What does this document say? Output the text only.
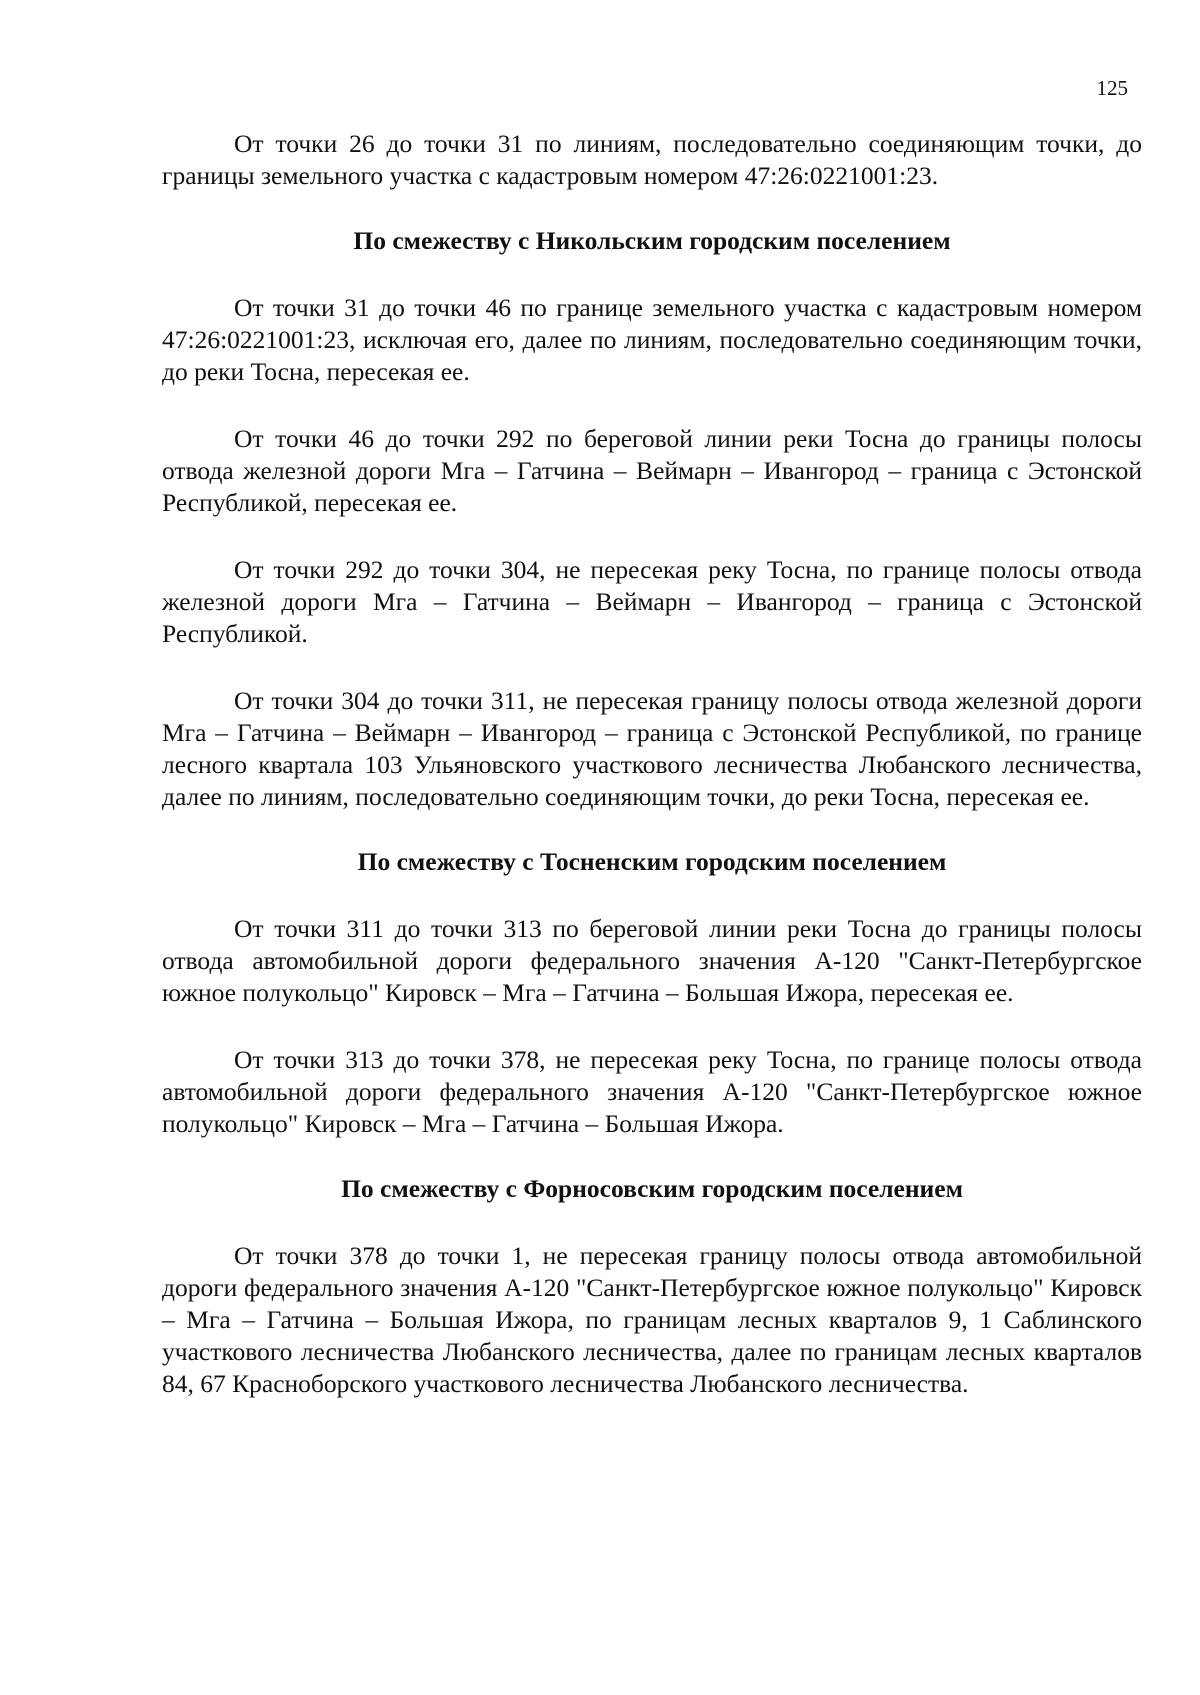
125

От точки 26 до точки 31 по линиям, последовательно соединяющим точки, до границы земельного участка с кадастровым номером 47:26:0221001:23.

По смежеству с Никольским городским поселением

От точки 31 до точки 46 по границе земельного участка с кадастровым номером 47:26:0221001:23, исключая его, далее по линиям, последовательно соединяющим точки, до реки Тосна, пересекая ее.

От точки 46 до точки 292 по береговой линии реки Тосна до границы полосы отвода железной дороги Мга – Гатчина – Веймарн – Ивангород – граница с Эстонской Республикой, пересекая ее.

От точки 292 до точки 304, не пересекая реку Тосна, по границе полосы отвода железной дороги Мга – Гатчина – Веймарн – Ивангород – граница с Эстонской Республикой.

От точки 304 до точки 311, не пересекая границу полосы отвода железной дороги Мга – Гатчина – Веймарн – Ивангород – граница с Эстонской Республикой, по границе лесного квартала 103 Ульяновского участкового лесничества Любанского лесничества, далее по линиям, последовательно соединяющим точки, до реки Тосна, пересекая ее.

По смежеству с Тосненским городским поселением

От точки 311 до точки 313 по береговой линии реки Тосна до границы полосы отвода автомобильной дороги федерального значения А-120 "Санкт-Петербургское южное полукольцо" Кировск – Мга – Гатчина – Большая Ижора, пересекая ее.

От точки 313 до точки 378, не пересекая реку Тосна, по границе полосы отвода автомобильной дороги федерального значения А-120 "Санкт-Петербургское южное полукольцо" Кировск – Мга – Гатчина – Большая Ижора.

По смежеству с Форносовским городским поселением

От точки 378 до точки 1, не пересекая границу полосы отвода автомобильной дороги федерального значения А-120 "Санкт-Петербургское южное полукольцо" Кировск – Мга – Гатчина – Большая Ижора, по границам лесных кварталов 9, 1 Саблинского участкового лесничества Любанского лесничества, далее по границам лесных кварталов 84, 67 Красноборского участкового лесничества Любанского лесничества.
